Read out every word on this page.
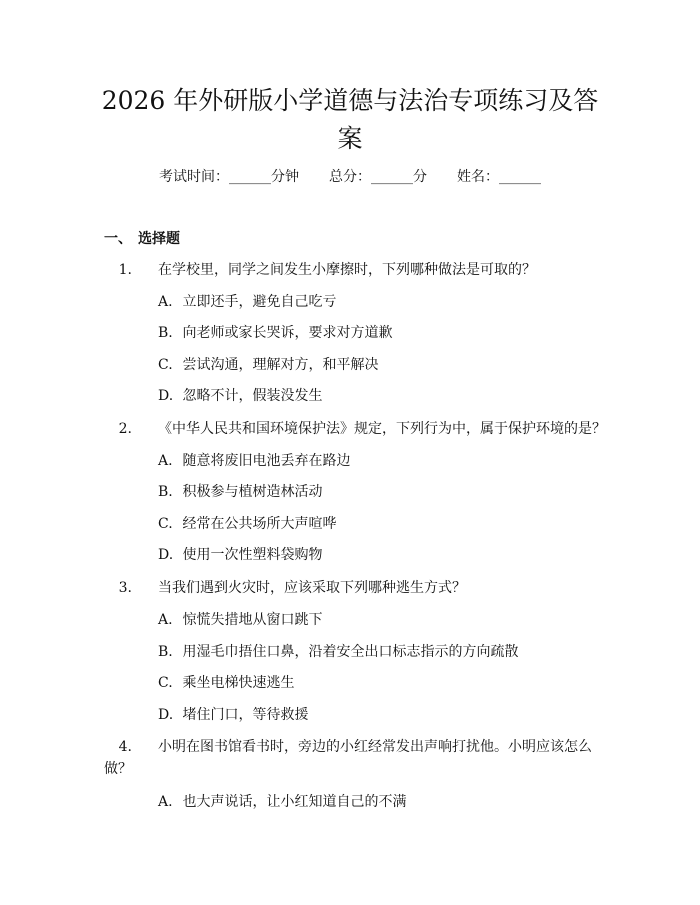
2026 年外研版小学道德与法治专项练习及答案
考试时间：______分钟 总分：______分 姓名：______
一、 选择题
1. 在学校里，同学之间发生小摩擦时，下列哪种做法是可取的？
A. 立即还手，避免自己吃亏
B. 向老师或家长哭诉，要求对方道歉
C. 尝试沟通，理解对方，和平解决
D. 忽略不计，假装没发生
2. 《中华人民共和国环境保护法》规定，下列行为中，属于保护环境的是？
A. 随意将废旧电池丢弃在路边
B. 积极参与植树造林活动
C. 经常在公共场所大声喧哗
D. 使用一次性塑料袋购物
3. 当我们遇到火灾时，应该采取下列哪种逃生方式？
A. 惊慌失措地从窗口跳下
B. 用湿毛巾捂住口鼻，沿着安全出口标志指示的方向疏散
C. 乘坐电梯快速逃生
D. 堵住门口，等待救援
4. 小明在图书馆看书时，旁边的小红经常发出声响打扰他。小明应该怎么做？
A. 也大声说话，让小红知道自己的不满
